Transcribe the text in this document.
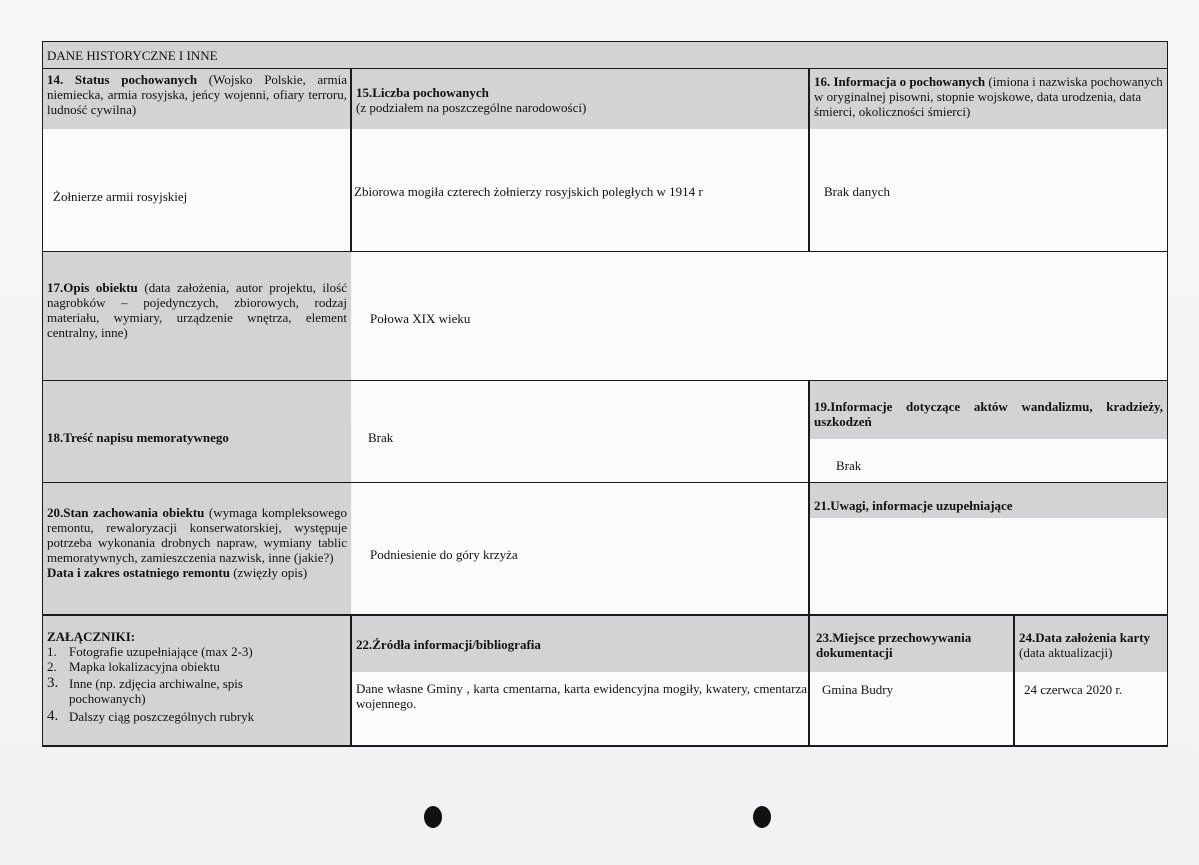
DANE HISTORYCZNE I INNE
14. Status pochowanych (Wojsko Polskie, armia niemiecka, armia rosyjska, jeńcy wojenni, ofiary terroru, ludność cywilna)
Żołnierze armii rosyjskiej
15.Liczba pochowanych
(z podziałem na poszczególne narodowości)
Zbiorowa mogiła czterech żołnierzy rosyjskich poległych w 1914 r
16. Informacja o pochowanych (imiona i nazwiska pochowanych w oryginalnej pisowni, stopnie wojskowe, data urodzenia, data śmierci, okoliczności śmierci)
Brak danych
17.Opis obiektu (data założenia, autor projektu, ilość nagrobków – pojedynczych, zbiorowych, rodzaj materiału, wymiary, urządzenie wnętrza, element centralny, inne)
Połowa XIX wieku
18.Treść napisu memoratywnego	Brak
19.Informacje dotyczące aktów wandalizmu, kradzieży, uszkodzeń
Brak
20.Stan zachowania obiektu (wymaga kompleksowego remontu, rewaloryzacji konserwatorskiej, występuje potrzeba wykonania drobnych napraw, wymiany tablic memoratywnych, zamieszczenia nazwisk, inne (jakie?)
Data i zakres ostatniego remontu (zwięzły opis)
Podniesienie do góry krzyża
21.Uwagi, informacje uzupełniające
ZAŁĄCZNIKI:
1. Fotografie uzupełniające (max 2-3)
2. Mapka lokalizacyjna obiektu
3. Inne (np. zdjęcia archiwalne, spis pochowanych)
4. Dalszy ciąg poszczególnych rubryk
22.Źródła informacji/bibliografia
Dane własne Gminy , karta cmentarna, karta ewidencyjna mogiły, kwatery, cmentarza wojennego.
23.Miejsce przechowywania dokumentacji
Gmina Budry
24.Data założenia karty (data aktualizacji)
24 czerwca 2020 r.
